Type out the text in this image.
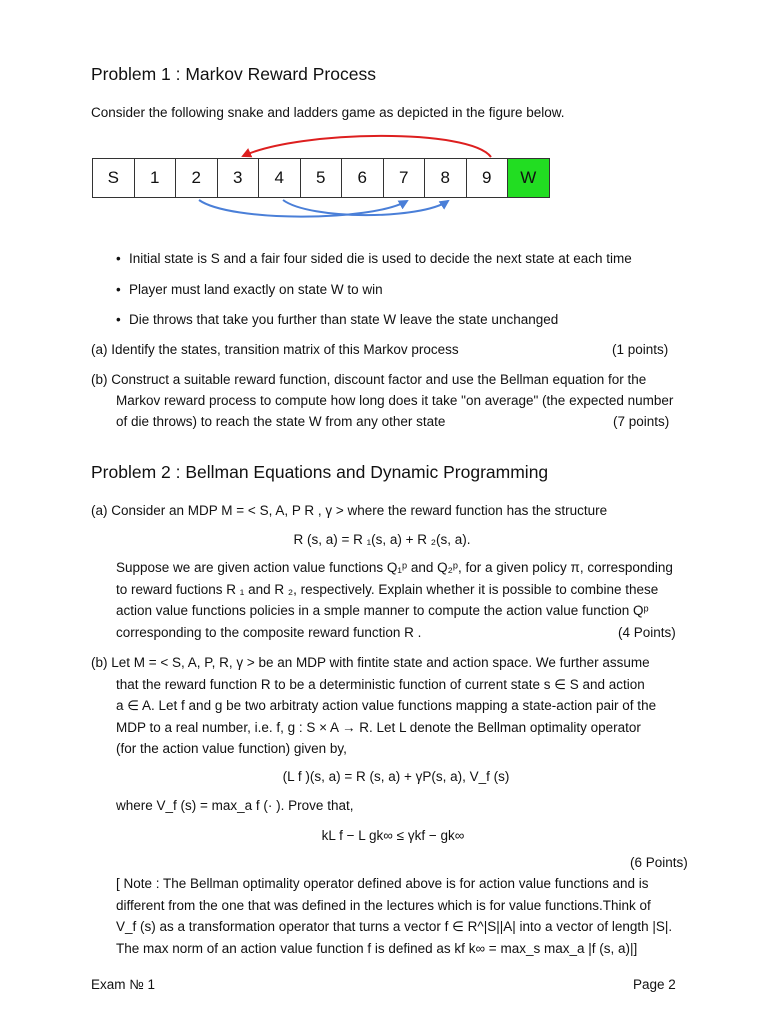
Problem 1 : Markov Reward Process
Consider the following snake and ladders game as depicted in the figure below.
S	1	2	3	4	5	6	7	8	9	W
• Initial state is S and a fair four sided die is used to decide the next state at each time
• Player must land exactly on state W to win
• Die throws that take you further than state W leave the state unchanged
(a) Identify the states, transition matrix of this Markov process	(1 points)
(b) Construct a suitable reward function, discount factor and use the Bellman equation for the
Markov reward process to compute how long does it take "on average" (the expected number
of die throws) to reach the state W from any other state	(7 points)
Problem 2 : Bellman Equations and Dynamic Programming
(a) Consider an MDP M = < S, A, P R , γ > where the reward function has the structure
R (s, a) = R ₁(s, a) + R ₂(s, a).
Suppose we are given action value functions Q₁ᵖ and Q₂ᵖ, for a given policy π, corresponding
to reward fuctions R ₁ and R ₂, respectively. Explain whether it is possible to combine these
action value functions policies in a smple manner to compute the action value function Qᵖ
corresponding to the composite reward function R .	(4 Points)
(b) Let M = < S, A, P, R, γ > be an MDP with fintite state and action space. We further assume
that the reward function R to be a deterministic function of current state s ∈ S and action
a ∈ A. Let f and g be two arbitraty action value functions mapping a state-action pair of the
MDP to a real number, i.e. f, g : S × A → R. Let L denote the Bellman optimality operator
(for the action value function) given by,
(L f )(s, a) = R (s, a) + γP(s, a), V_f (s)
where V_f (s) = max_a f (· ). Prove that,
kL f − L gk∞ ≤ γkf − gk∞
(6 Points)
[ Note : The Bellman optimality operator defined above is for action value functions and is
different from the one that was defined in the lectures which is for value functions.Think of
V_f (s) as a transformation operator that turns a vector f ∈ R^|S||A| into a vector of length |S|.
The max norm of an action value function f is defined as kf k∞ = max_s max_a |f (s, a)|]
Exam № 1	Page 2
